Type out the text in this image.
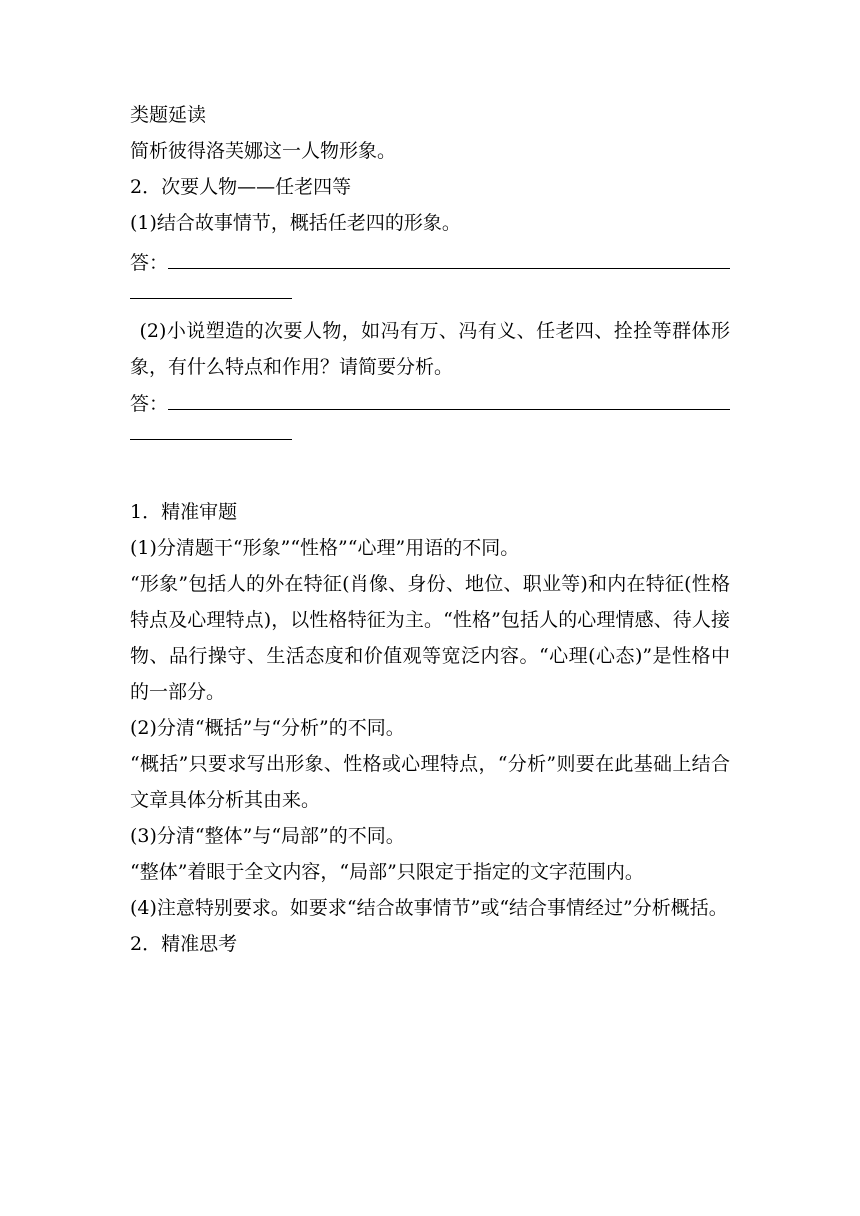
类题延读
简析彼得洛芙娜这一人物形象。
2．次要人物——任老四等
(1)结合故事情节，概括任老四的形象。
答：
(2)小说塑造的次要人物，如冯有万、冯有义、任老四、拴拴等群体形象，有什么特点和作用？请简要分析。
答：
1．精准审题
(1)分清题干“形象”“性格”“心理”用语的不同。
“形象”包括人的外在特征(肖像、身份、地位、职业等)和内在特征(性格特点及心理特点)，以性格特征为主。“性格”包括人的心理情感、待人接物、品行操守、生活态度和价值观等宽泛内容。“心理(心态)”是性格中的一部分。
(2)分清“概括”与“分析”的不同。
“概括”只要求写出形象、性格或心理特点，“分析”则要在此基础上结合文章具体分析其由来。
(3)分清“整体”与“局部”的不同。
“整体”着眼于全文内容，“局部”只限定于指定的文字范围内。
(4)注意特别要求。如要求“结合故事情节”或“结合事情经过”分析概括。
2．精准思考
